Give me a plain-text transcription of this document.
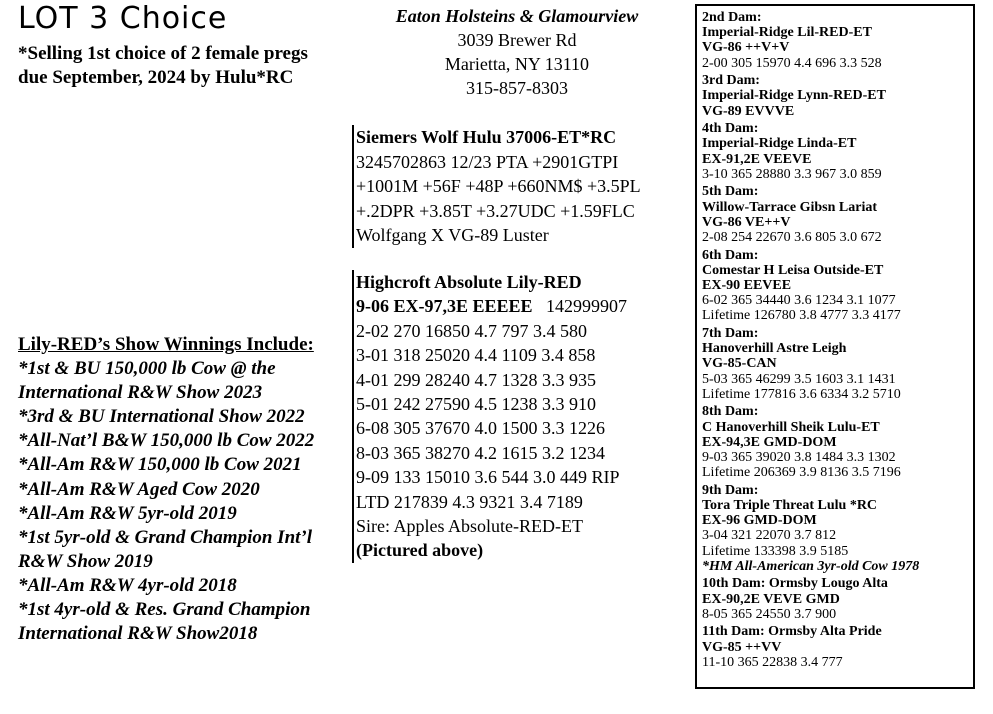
LOT 3 Choice
*Selling 1st choice of 2 female pregs
due September, 2024 by Hulu*RC
Eaton Holsteins & Glamourview
3039 Brewer Rd
Marietta, NY 13110
315-857-8303
Siemers Wolf Hulu 37006-ET*RC
3245702863 12/23 PTA +2901GTPI
+1001M +56F +48P +660NM$ +3.5PL
+.2DPR +3.85T +3.27UDC +1.59FLC
Wolfgang X VG-89 Luster
Highcroft Absolute Lily-RED
9-06 EX-97,3E EEEEE 142999907
2-02 270 16850 4.7 797 3.4 580
3-01 318 25020 4.4 1109 3.4 858
4-01 299 28240 4.7 1328 3.3 935
5-01 242 27590 4.5 1238 3.3 910
6-08 305 37670 4.0 1500 3.3 1226
8-03 365 38270 4.2 1615 3.2 1234
9-09 133 15010 3.6 544 3.0 449 RIP
LTD 217839 4.3 9321 3.4 7189
Sire: Apples Absolute-RED-ET
(Pictured above)
Lily-RED’s Show Winnings Include:
*1st & BU 150,000 lb Cow @ the
International R&W Show 2023
*3rd & BU International Show 2022
*All-Nat’l B&W 150,000 lb Cow 2022
*All-Am R&W 150,000 lb Cow 2021
*All-Am R&W Aged Cow 2020
*All-Am R&W 5yr-old 2019
*1st 5yr-old & Grand Champion Int’l
R&W Show 2019
*All-Am R&W 4yr-old 2018
*1st 4yr-old & Res. Grand Champion
International R&W Show2018
2nd Dam:
Imperial-Ridge Lil-RED-ET
VG-86 ++V+V
2-00 305 15970 4.4 696 3.3 528
3rd Dam:
Imperial-Ridge Lynn-RED-ET
VG-89 EVVVE
4th Dam:
Imperial-Ridge Linda-ET
EX-91,2E VEEVE
3-10 365 28880 3.3 967 3.0 859
5th Dam:
Willow-Tarrace Gibsn Lariat
VG-86 VE++V
2-08 254 22670 3.6 805 3.0 672
6th Dam:
Comestar H Leisa Outside-ET
EX-90 EEVEE
6-02 365 34440 3.6 1234 3.1 1077
Lifetime 126780 3.8 4777 3.3 4177
7th Dam:
Hanoverhill Astre Leigh
VG-85-CAN
5-03 365 46299 3.5 1603 3.1 1431
Lifetime 177816 3.6 6334 3.2 5710
8th Dam:
C Hanoverhill Sheik Lulu-ET
EX-94,3E GMD-DOM
9-03 365 39020 3.8 1484 3.3 1302
Lifetime 206369 3.9 8136 3.5 7196
9th Dam:
Tora Triple Threat Lulu *RC
EX-96 GMD-DOM
3-04 321 22070 3.7 812
Lifetime 133398 3.9 5185
*HM All-American 3yr-old Cow 1978
10th Dam: Ormsby Lougo Alta
EX-90,2E VEVE GMD
8-05 365 24550 3.7 900
11th Dam: Ormsby Alta Pride
VG-85 ++VV
11-10 365 22838 3.4 777
